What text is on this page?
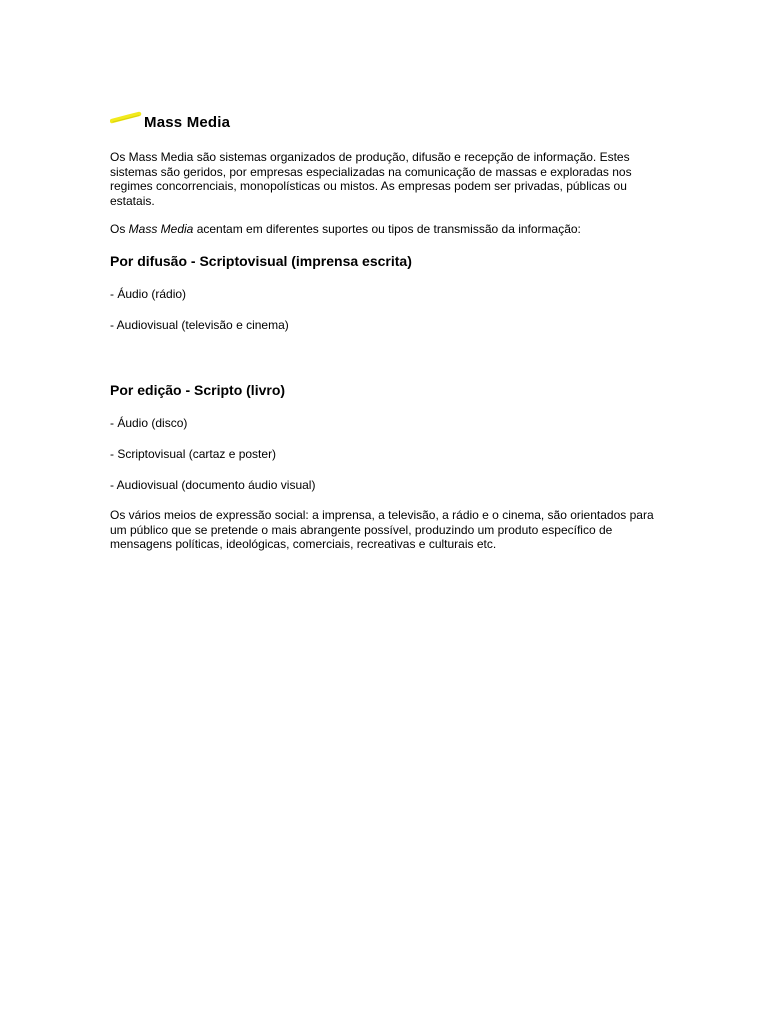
Mass Media

Os Mass Media são sistemas organizados de produção, difusão e recepção de informação. Estes sistemas são geridos, por empresas especializadas na comunicação de massas e exploradas nos regimes concorrenciais, monopolísticas ou mistos. As empresas podem ser privadas, públicas ou estatais.

Os Mass Media acentam em diferentes suportes ou tipos de transmissão da informação:

Por difusão - Scriptovisual (imprensa escrita)

- Áudio (rádio)

- Audiovisual (televisão e cinema)

Por edição - Scripto (livro)

- Áudio (disco)

- Scriptovisual (cartaz e poster)

- Audiovisual (documento áudio visual)

Os vários meios de expressão social: a imprensa, a televisão, a rádio e o cinema, são orientados para um público que se pretende o mais abrangente possível, produzindo um produto específico de mensagens políticas, ideológicas, comerciais, recreativas e culturais etc.
